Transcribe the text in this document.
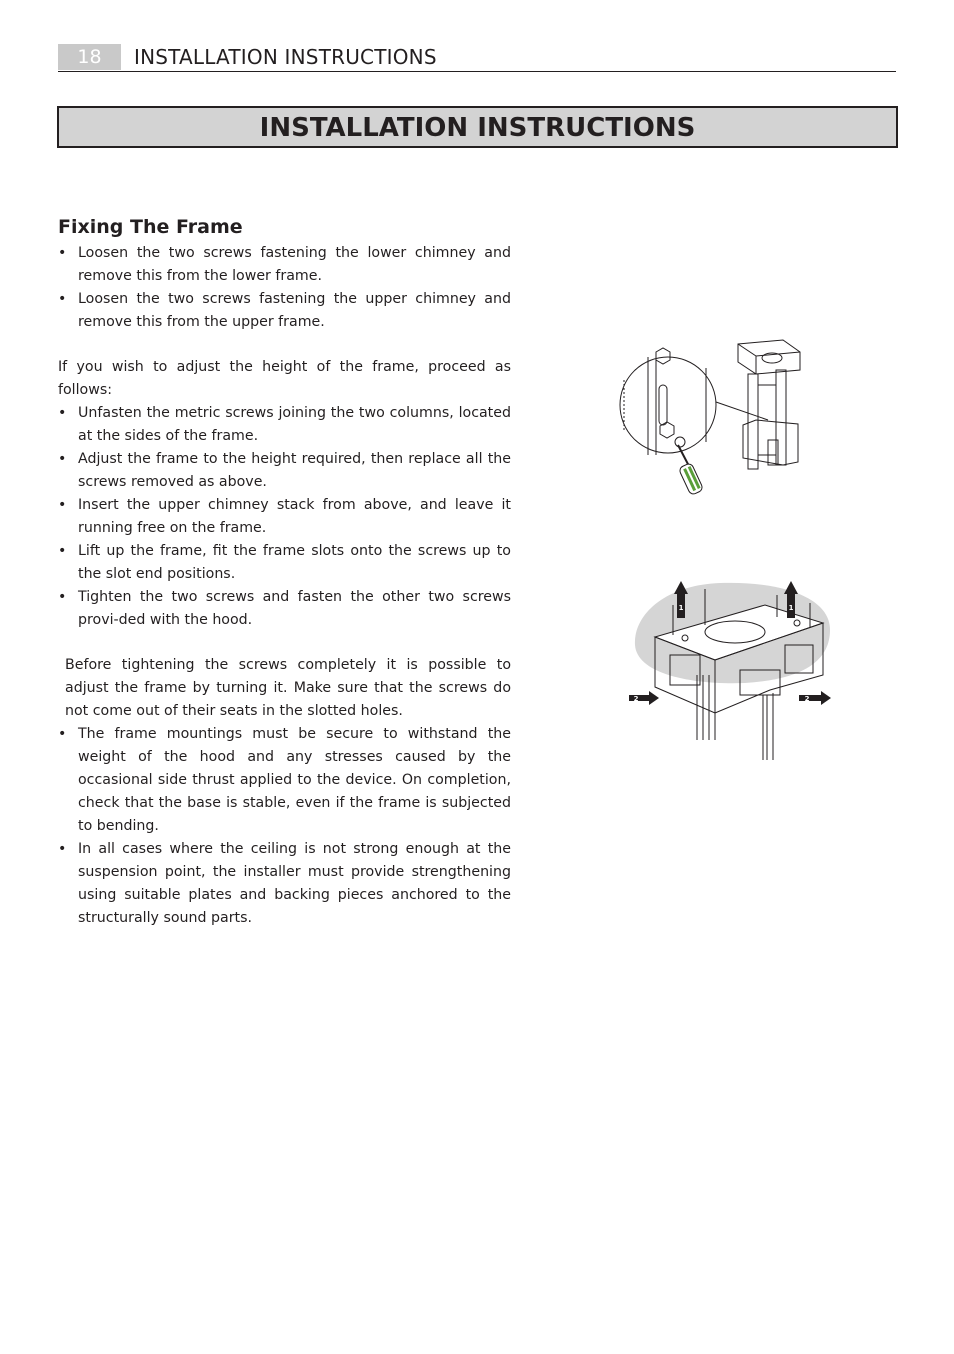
18	INSTALLATION INSTRUCTIONS
INSTALLATION INSTRUCTIONS
Fixing The Frame
• Loosen the two screws fastening the lower chimney and remove this from the lower frame.
• Loosen the two screws fastening the upper chimney and remove this from the upper frame.

If you wish to adjust the height of the frame, proceed as follows:

• Unfasten the metric screws joining the two columns, located at the sides of the frame.
• Adjust the frame to the height required, then replace all the screws removed as above.
• Insert the upper chimney stack from above, and leave it running free on the frame.
• Lift up the frame, fit the frame slots onto the screws up to the slot end positions.
• Tighten the two screws and fasten the other two screws provi-ded with the hood.

Before tightening the screws completely it is possible to adjust the frame by turning it. Make sure that the screws do not come out of their seats in the slotted holes.

• The frame mountings must be secure to withstand the weight of the hood and any stresses caused by the occasional side thrust applied to the device. On completion, check that the base is stable, even if the frame is subjected to bending.
• In all cases where the ceiling is not strong enough at the suspension point, the installer must provide strengthening using suitable plates and backing pieces anchored to the structurally sound parts.
1	1
2	2
